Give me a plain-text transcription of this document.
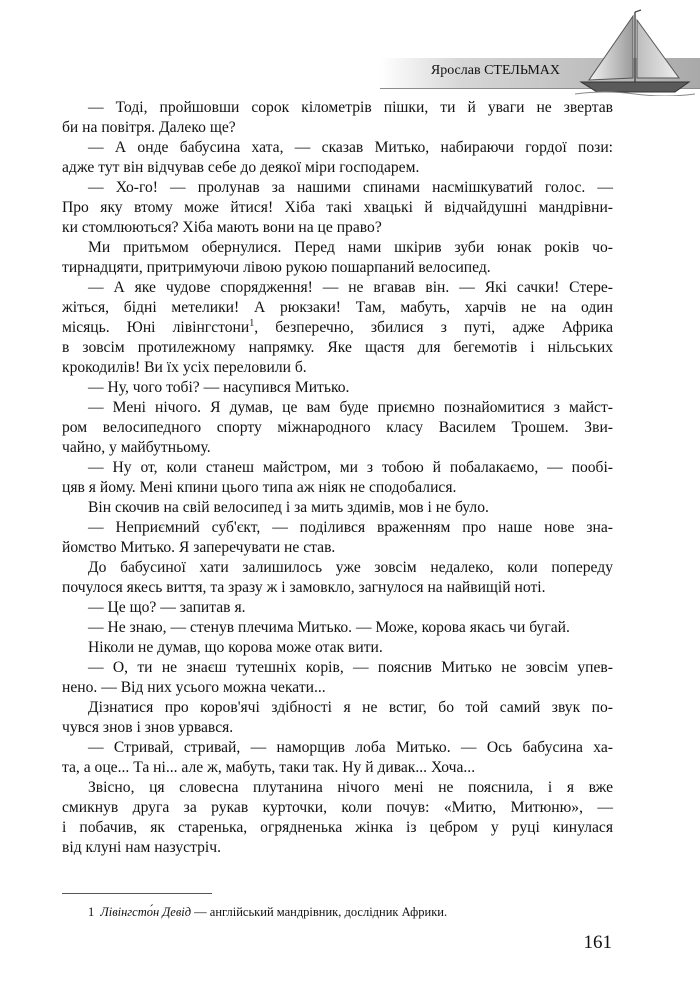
Ярослав СТЕЛЬМАХ
— Тоді, пройшовши сорок кілометрів пішки, ти й уваги не звертав
би на повітря. Далеко ще?
— А онде бабусина хата, — сказав Митько, набираючи гордої пози:
адже тут він відчував себе до деякої міри господарем.
— Хо-го! — пролунав за нашими спинами насмішкуватий голос. —
Про яку втому може йтися! Хіба такі хвацькі й відчайдушні мандрівни-
ки стомлюються? Хіба мають вони на це право?
Ми притьмом обернулися. Перед нами шкірив зуби юнак років чо-
тирнадцяти, притримуючи лівою рукою пошарпаний велосипед.
— А яке чудове спорядження! — не вгавав він. — Які сачки! Стере-
жіться, бідні метелики! А рюкзаки! Там, мабуть, харчів не на один
місяць. Юні лівінгстони$^1$, безперечно, збилися з путі, адже Африка
в зовсім протилежному напрямку. Яке щастя для бегемотів і нільських
крокодилів! Ви їх усіх переловили б.
— Ну, чого тобі? — насупився Митько.
— Мені нічого. Я думав, це вам буде приємно познайомитися з майст-
ром велосипедного спорту міжнародного класу Василем Трошем. Зви-
чайно, у майбутньому.
— Ну от, коли станеш майстром, ми з тобою й побалакаємо, — пообі-
цяв я йому. Мені кпини цього типа аж ніяк не сподобалися.
Він скочив на свій велосипед і за мить здимів, мов і не було.
— Неприємний суб'єкт, — поділився враженням про наше нове зна-
йомство Митько. Я заперечувати не став.
До бабусиної хати залишилось уже зовсім недалеко, коли попереду
почулося якесь виття, та зразу ж і замовкло, загнулося на найвищій ноті.
— Це що? — запитав я.
— Не знаю, — стенув плечима Митько. — Може, корова якась чи бугай.
Ніколи не думав, що корова може отак вити.
— О, ти не знаєш тутешніх корів, — пояснив Митько не зовсім упев-
нено. — Від них усього можна чекати...
Дізнатися про коров'ячі здібності я не встиг, бо той самий звук по-
чувся знов і знов урвався.
— Стривай, стривай, — наморщив лоба Митько. — Ось бабусина ха-
та, а оце... Та ні... але ж, мабуть, таки так. Ну й дивак... Хоча...
Звісно, ця словесна плутанина нічого мені не пояснила, і я вже
смикнув друга за рукав курточки, коли почув: «Митю, Митюню», —
і побачив, як старенька, огрядненька жінка із цебром у руці кинулася
від клуні нам назустріч.
1 Лівінгсто́н Девід — англійський мандрівник, дослідник Африки.
161
